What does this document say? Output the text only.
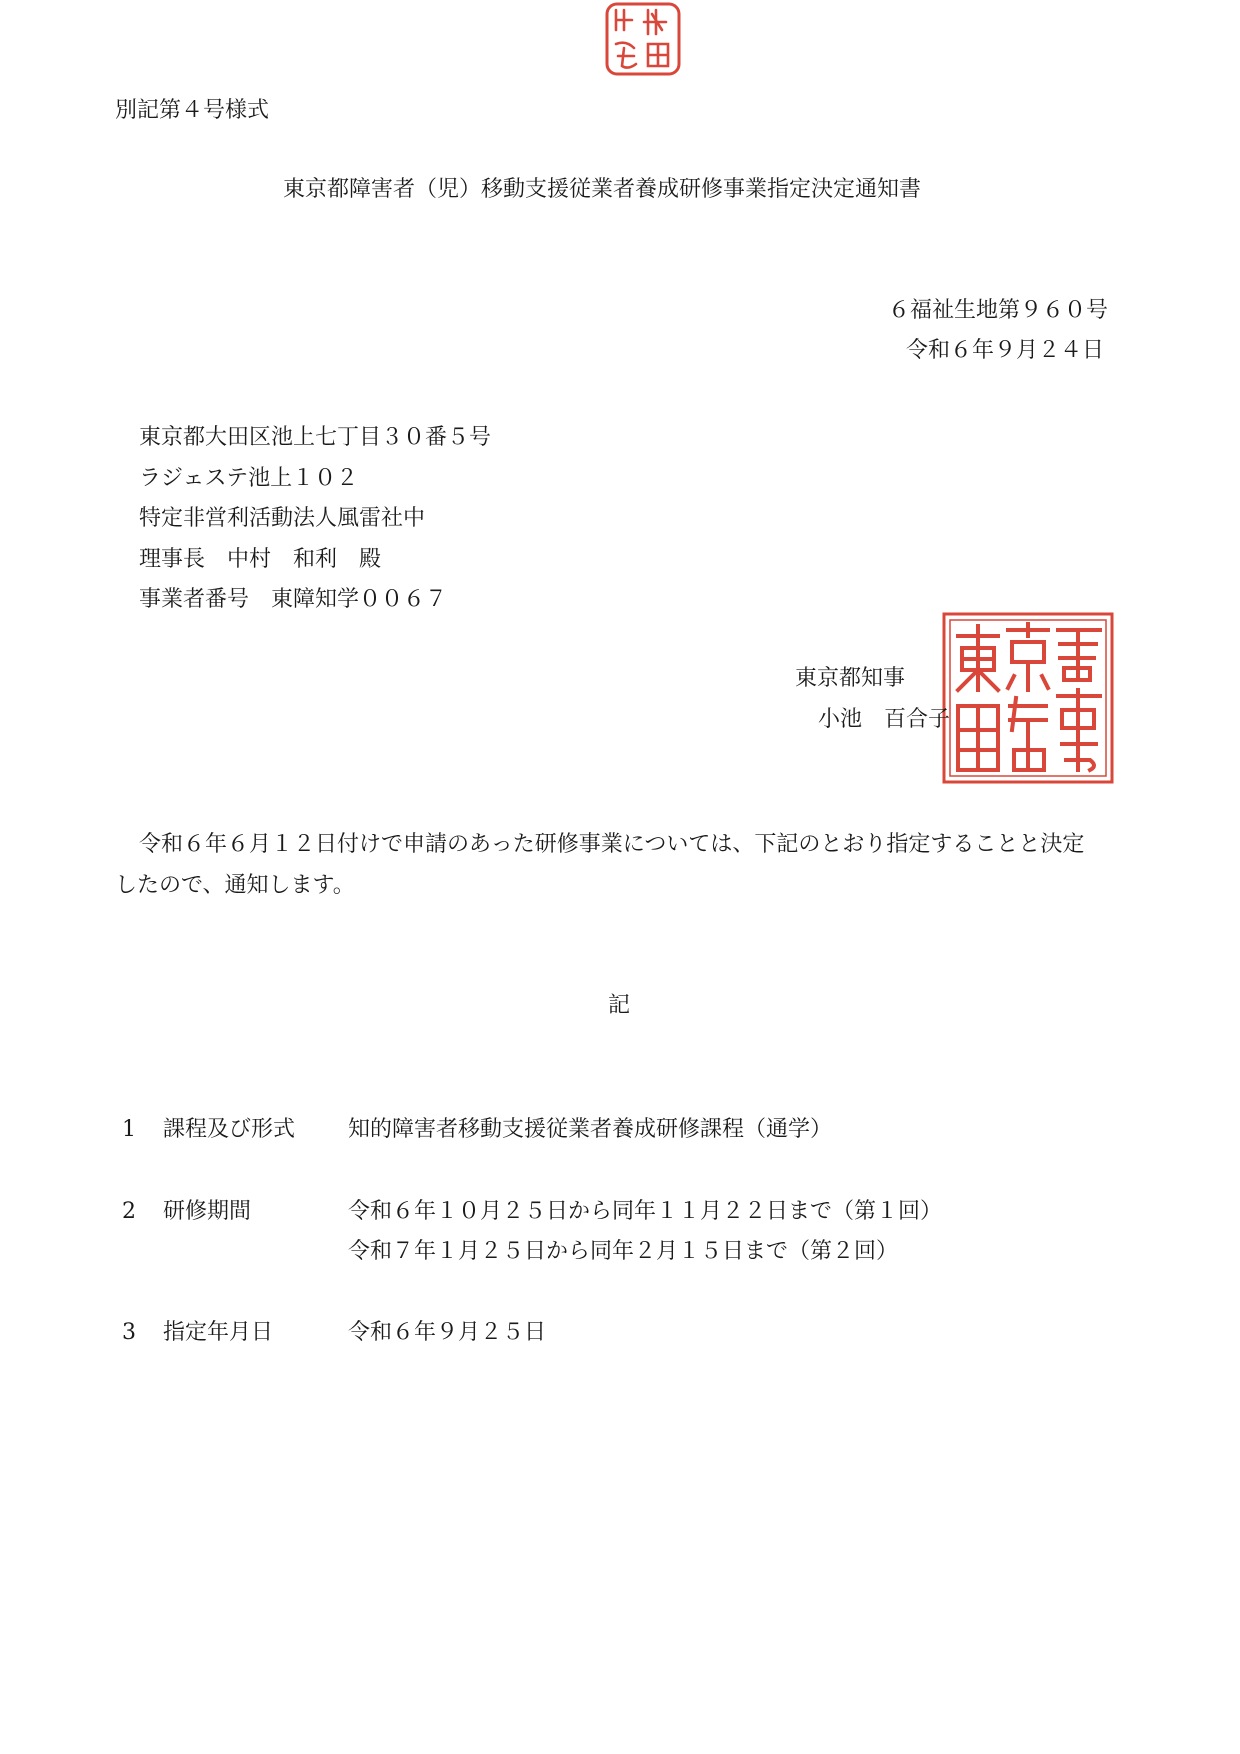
別記第４号様式
東京都障害者（児）移動支援従業者養成研修事業指定決定通知書
６福祉生地第９６０号
令和６年９月２４日
東京都大田区池上七丁目３０番５号
ラジェステ池上１０２
特定非営利活動法人風雷社中
理事長　中村　和利　殿
事業者番号　東障知学００６７
東京都知事
小池　百合子
令和６年６月１２日付けで申請のあった研修事業については、下記のとおり指定することと決定
したので、通知します。
記
1 課程及び形式 知的障害者移動支援従業者養成研修課程（通学）
2 研修期間	令和６年１０月２５日から同年１１月２２日まで（第１回）
令和７年１月２５日から同年２月１５日まで（第２回）
3 指定年月日	令和６年９月２５日
